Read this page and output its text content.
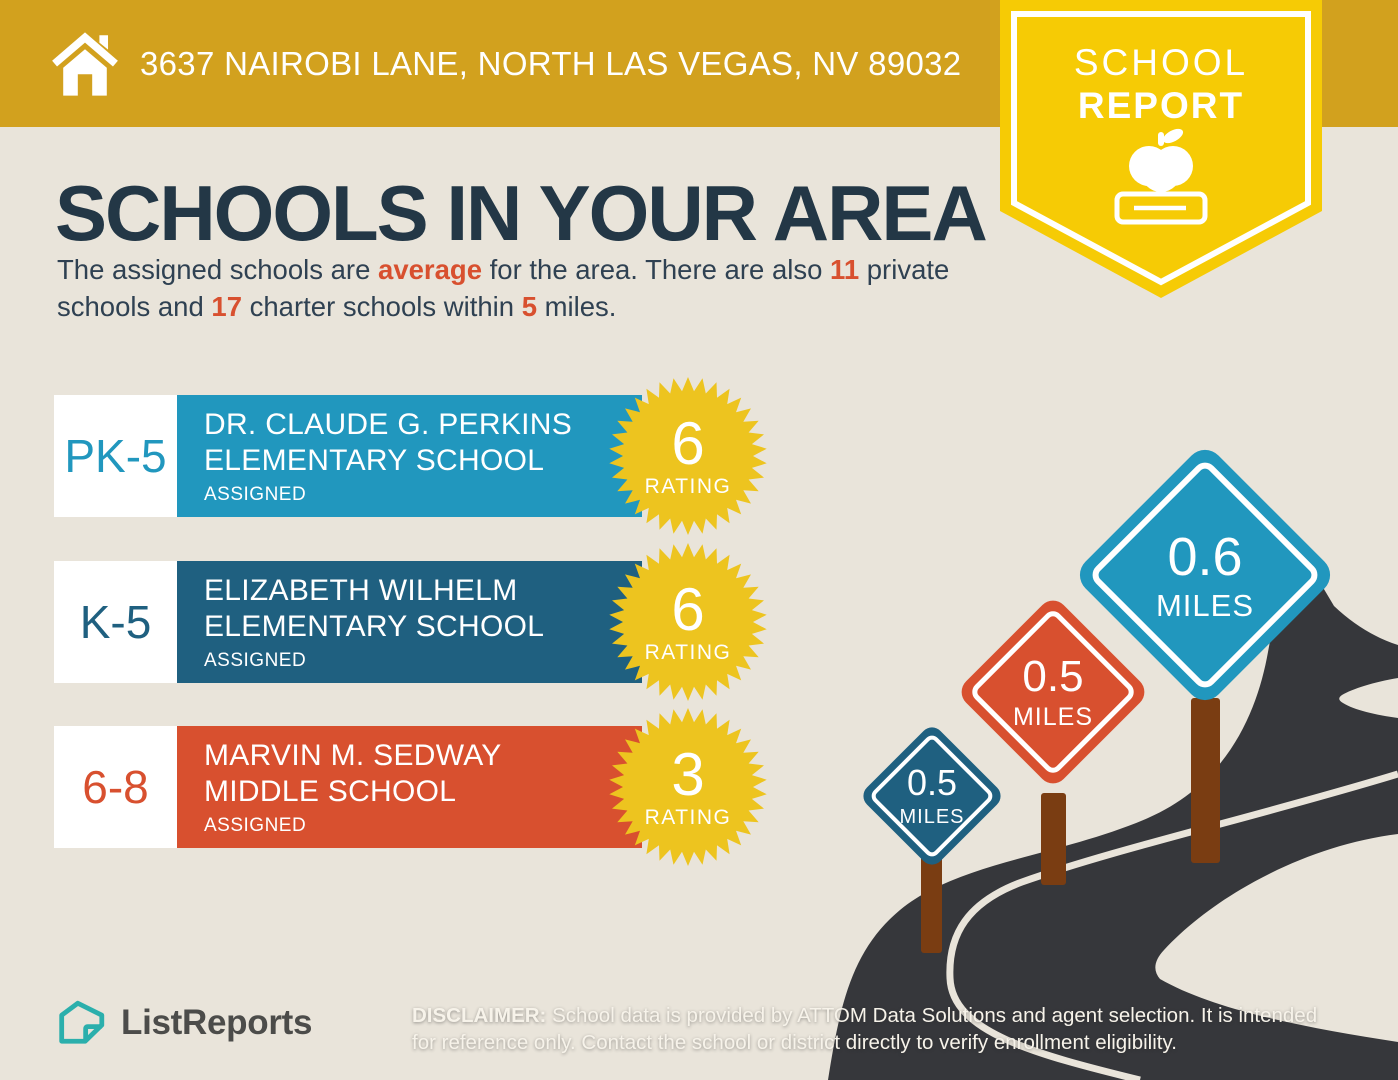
3637 NAIROBI LANE, NORTH LAS VEGAS, NV 89032	SCHOOL
REPORT
SCHOOLS IN YOUR AREA

The assigned schools are average for the area. There are also 11 private schools and 17 charter schools within 5 miles.

PK-5
DR. CLAUDE G. PERKINS
ELEMENTARY SCHOOL
ASSIGNED
6
RATING
K-5
ELIZABETH WILHELM
ELEMENTARY SCHOOL
ASSIGNED
6
RATING
6-8
MARVIN M. SEDWAY
MIDDLE SCHOOL
ASSIGNED
3
RATING
0.5
MILES
0.5
MILES
0.6
MILES
ListReports	DISCLAIMER: School data is provided by ATTOM Data Solutions and agent selection. It is intended
for reference only. Contact the school or district directly to verify enrollment eligibility.
